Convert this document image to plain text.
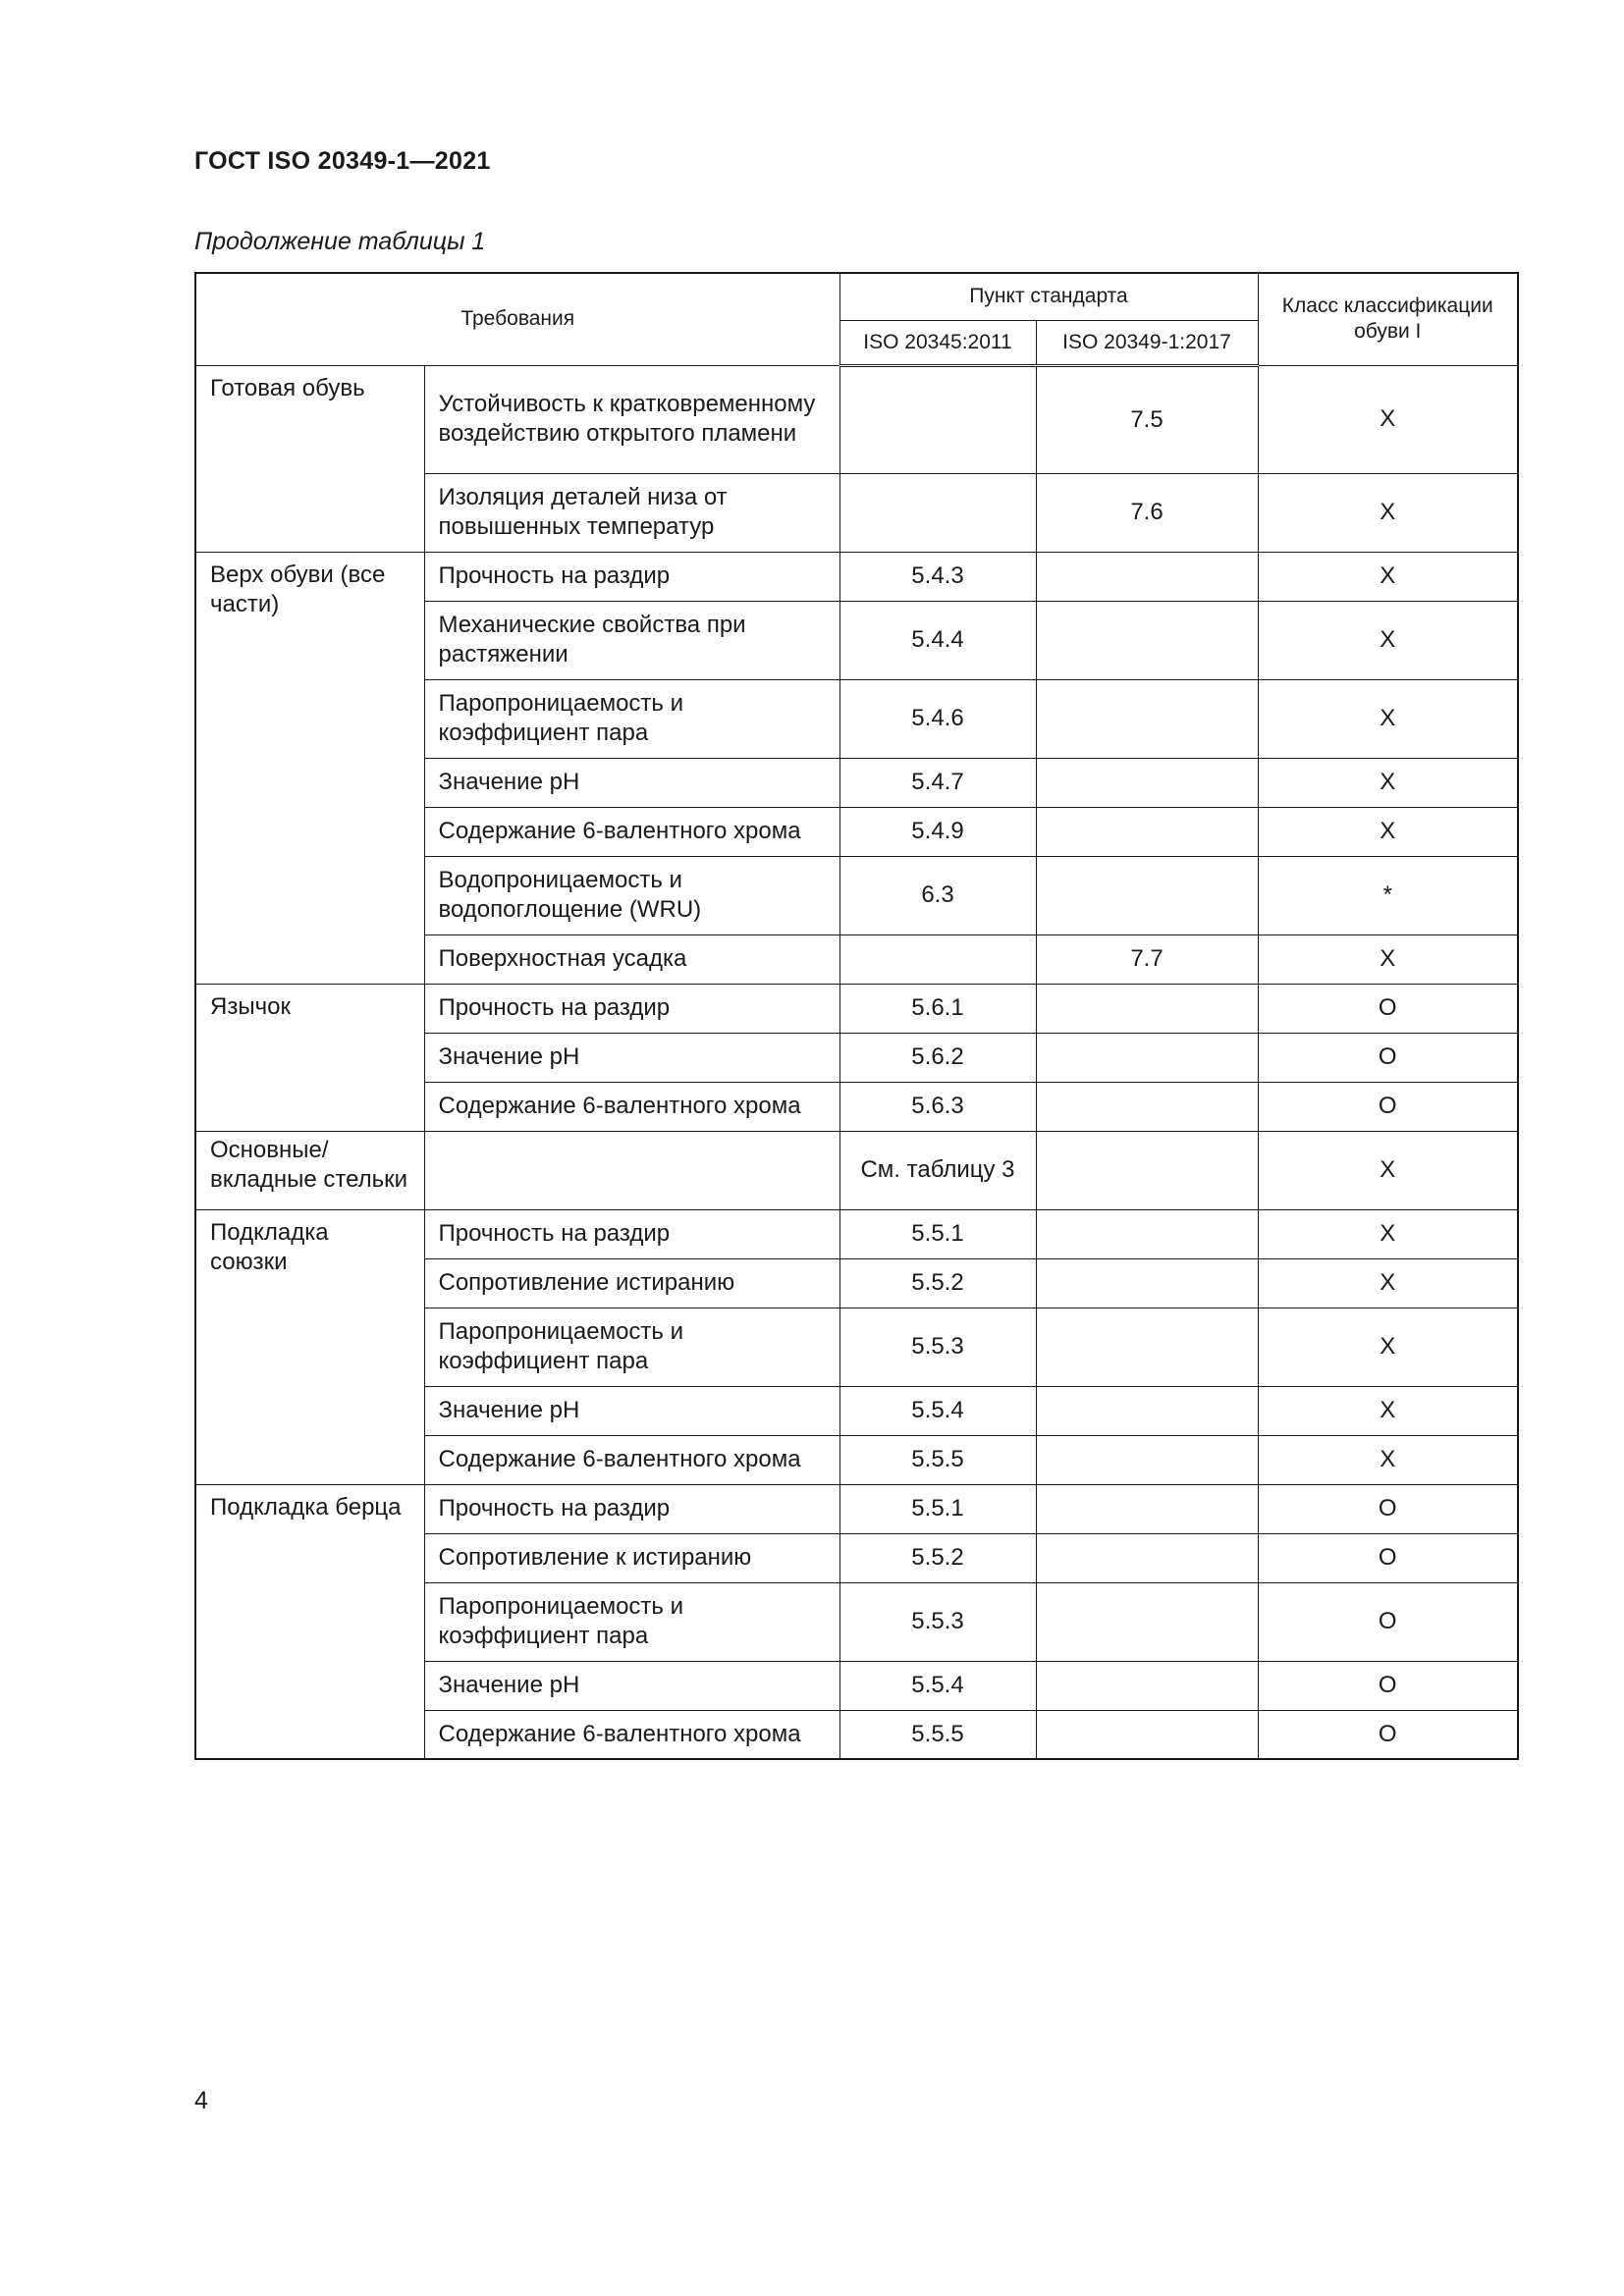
ГОСТ ISO 20349-1—2021
Продолжение таблицы 1
Требования		Пункт стандарта		Класс классификации обуви I
		ISO 20345:2011	ISO 20349-1:2017	
Готовая обувь	Устойчивость к кратковременному воздействию открытого пламени		7.5	X
	Изоляция деталей низа от повышенных температур		7.6	X
Верх обуви (все части)	Прочность на раздир	5.4.3		X
	Механические свойства при растяжении	5.4.4		X
	Паропроницаемость и коэффициент пара	5.4.6		X
	Значение pH	5.4.7		X
	Содержание 6-валентного хрома	5.4.9		X
	Водопроницаемость и водопоглощение (WRU)	6.3		*
	Поверхностная усадка		7.7	X
Язычок	Прочность на раздир	5.6.1		O
	Значение pH	5.6.2		O
	Содержание 6-валентного хрома	5.6.3		O
Основные/вкладные стельки		См. таблицу 3		X
Подкладка союзки	Прочность на раздир	5.5.1		X
	Сопротивление истиранию	5.5.2		X
	Паропроницаемость и коэффициент пара	5.5.3		X
	Значение pH	5.5.4		X
	Содержание 6-валентного хрома	5.5.5		X
Подкладка берца	Прочность на раздир	5.5.1		O
	Сопротивление к истиранию	5.5.2		O
	Паропроницаемость и коэффициент пара	5.5.3		O
	Значение pH	5.5.4		O
	Содержание 6-валентного хрома	5.5.5		O
4
